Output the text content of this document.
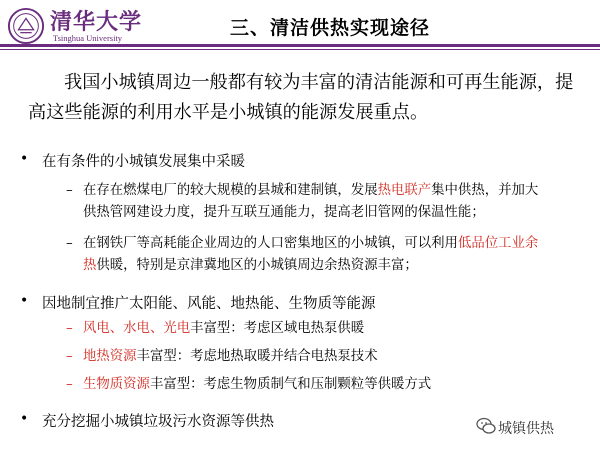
清华大学
Tsinghua University	三、清洁供热实现途径
我国小城镇周边一般都有较为丰富的清洁能源和可再生能源，提高这些能源的利用水平是小城镇的能源发展重点。
• 在有条件的小城镇发展集中采暖
– 在存在燃煤电厂的较大规模的县城和建制镇，发展热电联产集中供热，并加大
供热管网建设力度，提升互联互通能力，提高老旧管网的保温性能；
– 在钢铁厂等高耗能企业周边的人口密集地区的小城镇，可以利用低品位工业余
热供暖，特别是京津冀地区的小城镇周边余热资源丰富；
• 因地制宜推广太阳能、风能、地热能、生物质等能源
– 风电、水电、光电丰富型：考虑区域电热泵供暖
– 地热资源丰富型：考虑地热取暖并结合电热泵技术
– 生物质资源丰富型：考虑生物质制气和压制颗粒等供暖方式
• 充分挖掘小城镇垃圾污水资源等供热	城镇供热
